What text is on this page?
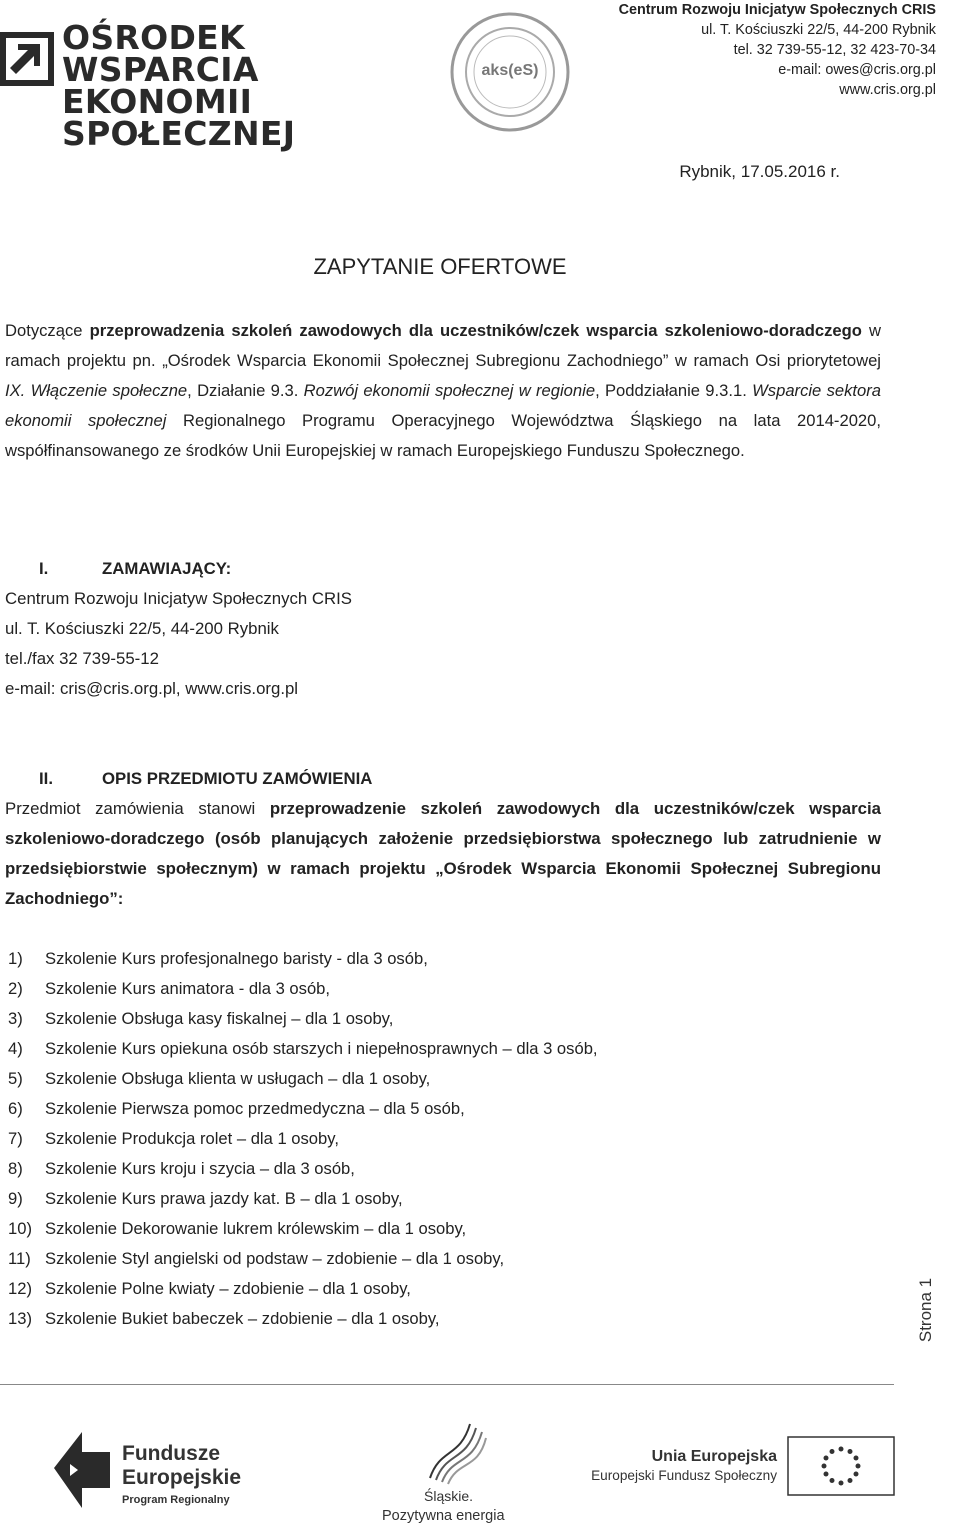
OŚRODEK WSPARCIA
EKONOMII SPOŁECZNEJ
aks(eS)
Centrum Rozwoju Inicjatyw Społecznych CRIS
ul. T. Kościuszki 22/5, 44-200 Rybnik
tel. 32 739-55-12, 32 423-70-34
e-mail: owes@cris.org.pl
www.cris.org.pl
Rybnik, 17.05.2016 r.
ZAPYTANIE OFERTOWE
Dotyczące przeprowadzenia szkoleń zawodowych dla uczestników/czek wsparcia szkoleniowo-doradczego w ramach projektu pn. „Ośrodek Wsparcia Ekonomii Społecznej Subregionu Zachodniego” w ramach Osi priorytetowej IX. Włączenie społeczne, Działanie 9.3. Rozwój ekonomii społecznej w regionie, Poddziałanie 9.3.1. Wsparcie sektora ekonomii społecznej Regionalnego Programu Operacyjnego Województwa Śląskiego na lata 2014-2020, współfinansowanego ze środków Unii Europejskiej w ramach Europejskiego Funduszu Społecznego.
I.	ZAMAWIAJĄCY:
Centrum Rozwoju Inicjatyw Społecznych CRIS
ul. T. Kościuszki 22/5, 44-200 Rybnik
tel./fax 32 739-55-12
e-mail: cris@cris.org.pl, www.cris.org.pl
II.	OPIS PRZEDMIOTU ZAMÓWIENIA
Przedmiot zamówienia stanowi przeprowadzenie szkoleń zawodowych dla uczestników/czek wsparcia szkoleniowo-doradczego (osób planujących założenie przedsiębiorstwa społecznego lub zatrudnienie w przedsiębiorstwie społecznym) w ramach projektu „Ośrodek Wsparcia Ekonomii Społecznej Subregionu Zachodniego”:
1) Szkolenie Kurs profesjonalnego baristy - dla 3 osób,
2) Szkolenie Kurs animatora - dla 3 osób,
3) Szkolenie Obsługa kasy fiskalnej – dla 1 osoby,
4) Szkolenie Kurs opiekuna osób starszych i niepełnosprawnych – dla 3 osób,
5) Szkolenie Obsługa klienta w usługach – dla 1 osoby,
6) Szkolenie Pierwsza pomoc przedmedyczna – dla 5 osób,
7) Szkolenie Produkcja rolet – dla 1 osoby,
8) Szkolenie Kurs kroju i szycia – dla 3 osób,
9) Szkolenie Kurs prawa jazdy kat. B – dla 1 osoby,
10) Szkolenie Dekorowanie lukrem królewskim – dla 1 osoby,
11) Szkolenie Styl angielski od podstaw – zdobienie – dla 1 osoby,
12) Szkolenie Polne kwiaty – zdobienie – dla 1 osoby,
13) Szkolenie Bukiet babeczek – zdobienie – dla 1 osoby,	Strona 1
Fundusze
Europejskie
Program Regionalny	Śląskie.
Pozytywna energia
Unia Europejska
Europejski Fundusz Społeczny
